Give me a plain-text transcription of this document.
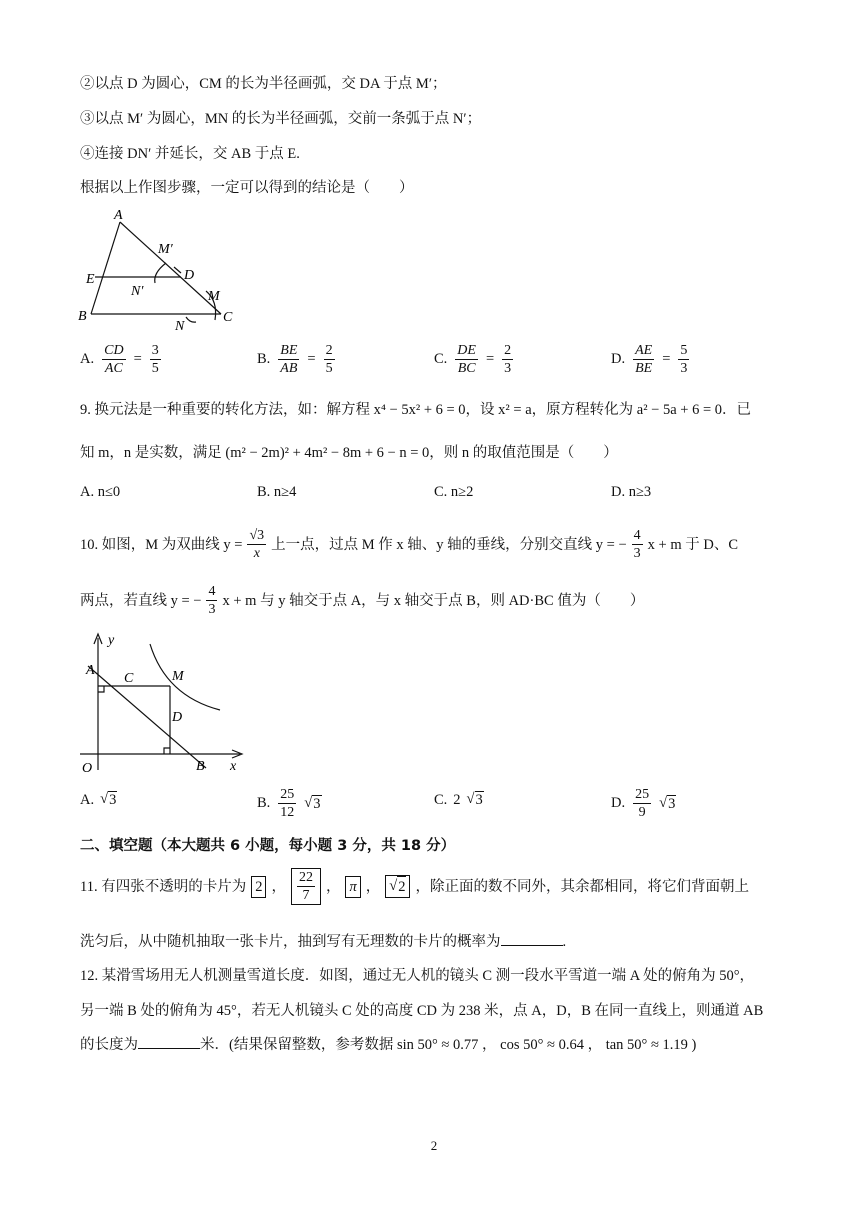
②以点 D 为圆心，CM 的长为半径画弧，交 DA 于点 M′；
③以点 M′ 为圆心，MN 的长为半径画弧，交前一条弧于点 N′；
④连接 DN′ 并延长，交 AB 于点 E.
根据以上作图步骤，一定可以得到的结论是（　　）
A
M′
E	D
N′	M
B
N
C
A. $\frac{CD}{AC} = \frac{3}{5}$	B. $\frac{BE}{AB} = \frac{2}{5}$	C. $\frac{DE}{BC} = \frac{2}{3}$	D. $\frac{AE}{BE} = \frac{5}{3}$
9. 换元法是一种重要的转化方法，如：解方程 x⁴ − 5x² + 6 = 0，设 x² = a，原方程转化为 a² − 5a + 6 = 0．已
知 m，n 是实数，满足 (m² − 2m)² + 4m² − 8m + 6 − n = 0，则 n 的取值范围是（　　）
A. n≤0	B. n≥4	C. n≥2	D. n≥3
10. 如图，M 为双曲线 $y = \frac{√3}{x}$ 上一点，过点 M 作 x 轴、y 轴的垂线，分别交直线 y = − $\frac{4}{3}$ x + m 于 D、C
两点，若直线 y = − $\frac{4}{3}$ x + m 与 y 轴交于点 A，与 x 轴交于点 B，则 AD·BC 值为（　　）
y
A
C	M
D
O	B x
A. √ 3	B. $\frac{25}{12}$ √ 3	C. 2 √ 3	D. $\frac{25}{9}$ √ 3
二、填空题（本大题共 6 小题，每小题 3 分，共 18 分）
11. 有四张不透明的卡片为 2 ， $\frac{22}{7}$ ， π ， √ 2 ，除正面的数不同外，其余都相同，将它们背面朝上
洗匀后，从中随机抽取一张卡片，抽到写有无理数的卡片的概率为	.
12. 某滑雪场用无人机测量雪道长度．如图，通过无人机的镜头 C 测一段水平雪道一端 A 处的俯角为 50°，
另一端 B 处的俯角为 45°，若无人机镜头 C 处的高度 CD 为 238 米，点 A，D，B 在同一直线上，则通道 AB
的长度为	米．(结果保留整数，参考数据 sin 50° ≈ 0.77 ， cos 50° ≈ 0.64 ， tan 50° ≈ 1.19 )
2
